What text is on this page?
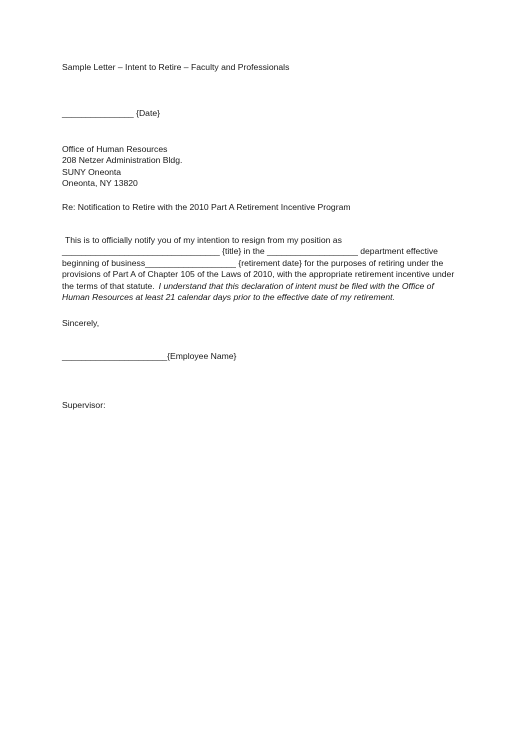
Sample Letter – Intent to Retire – Faculty and Professionals
_______________ {Date}
Office of Human Resources
208 Netzer Administration Bldg.
SUNY Oneonta
Oneonta, NY 13820
Re: Notification to Retire with the 2010 Part A Retirement Incentive Program
This is to officially notify you of my intention to resign from my position as
_________________________________ {title} in the ___________________ department effective
beginning of business___________________ {retirement date} for the purposes of retiring under the
provisions of Part A of Chapter 105 of the Laws of 2010, with the appropriate retirement incentive under
the terms of that statute. I understand that this declaration of intent must be filed with the Office of
Human Resources at least 21 calendar days prior to the effective date of my retirement.
Sincerely,
______________________{Employee Name}
Supervisor:
